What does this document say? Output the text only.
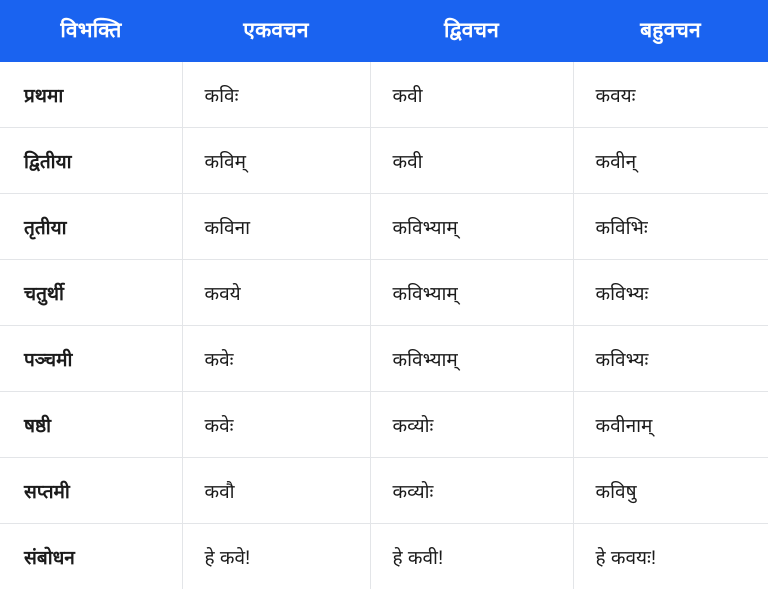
विभक्ति	एकवचन	द्विवचन	बहुवचन
प्रथमा	कविः	कवी	कवयः
द्वितीया	कविम्	कवी	कवीन्
तृतीया	कविना	कविभ्याम्	कविभिः
चतुर्थी	कवये	कविभ्याम्	कविभ्यः
पञ्चमी	कवेः	कविभ्याम्	कविभ्यः
षष्ठी	कवेः	कव्योः	कवीनाम्
सप्तमी	कवौ	कव्योः	कविषु
संबोधन	हे कवे!	हे कवी!	हे कवयः!
